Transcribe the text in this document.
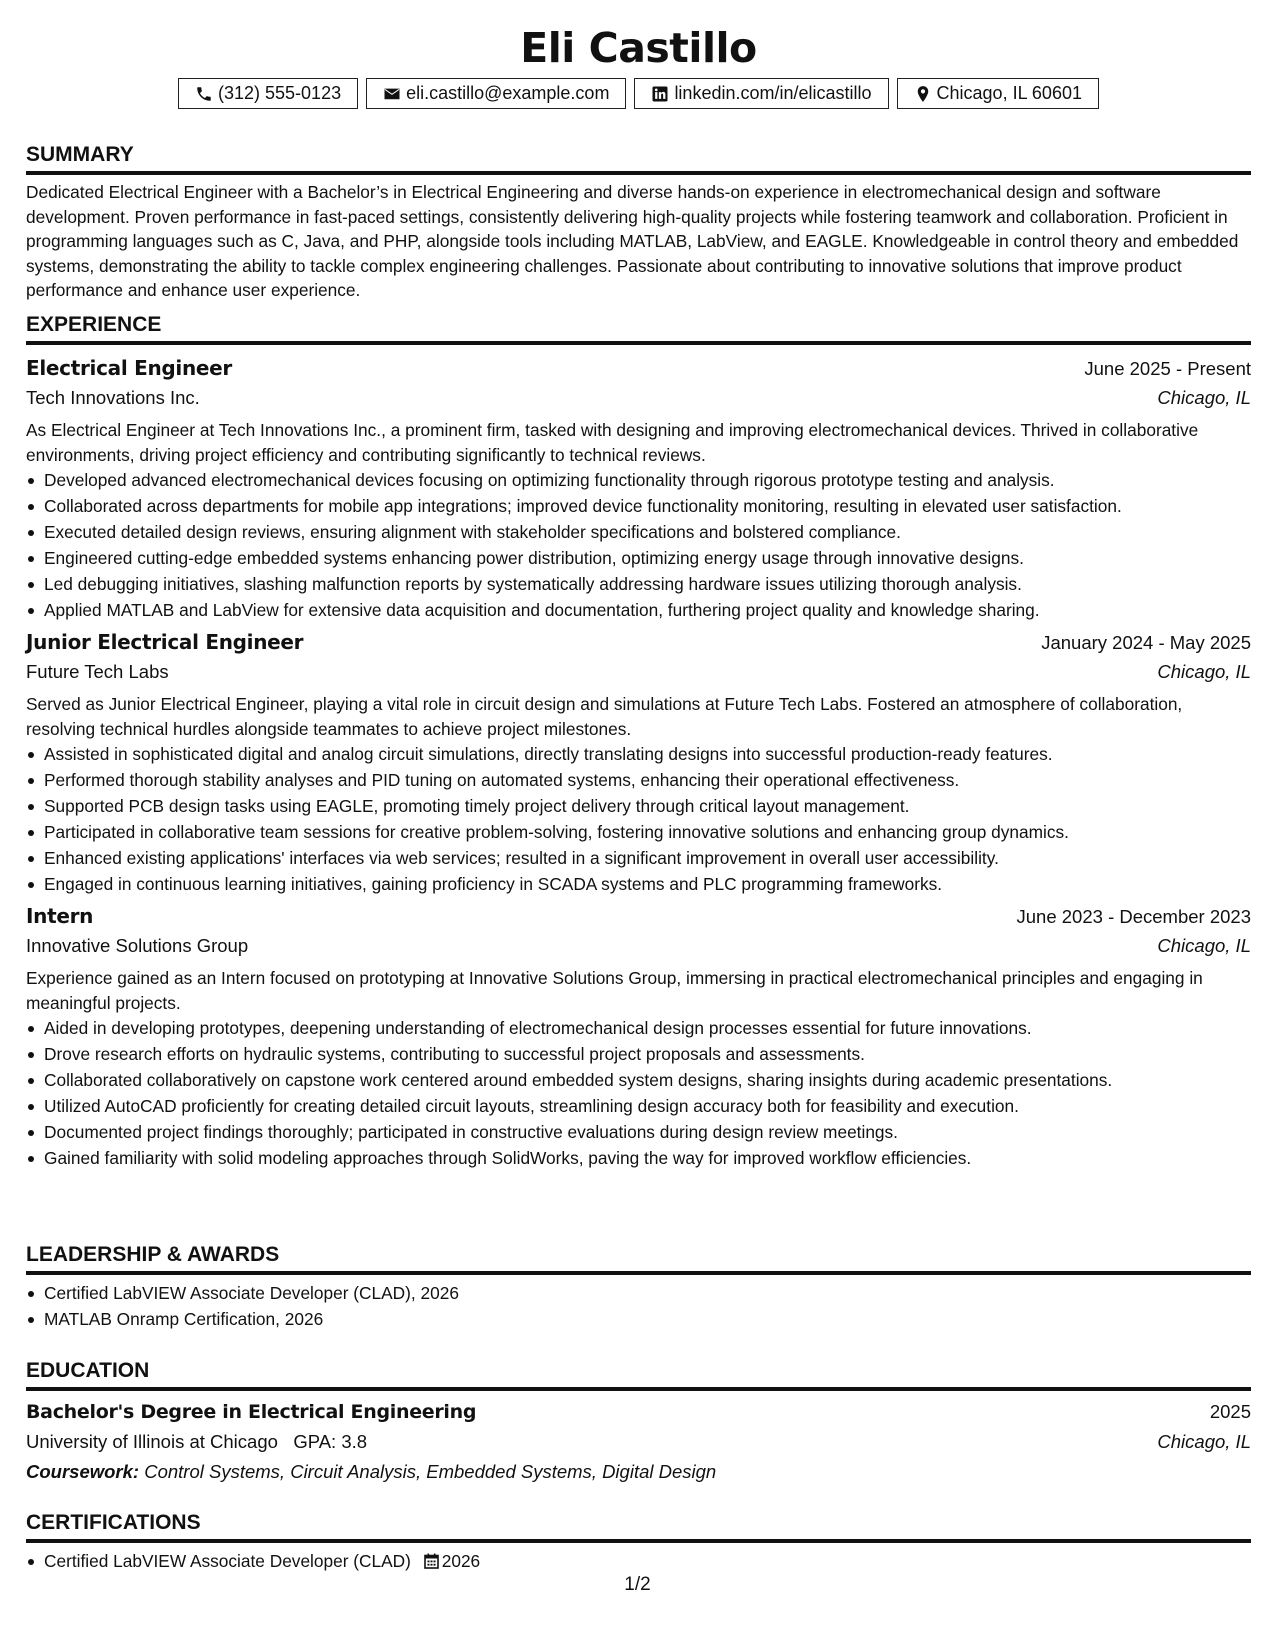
Eli Castillo
(312) 555-0123	eli.castillo@example.com	linkedin.com/in/elicastillo	Chicago, IL 60601
SUMMARY
Dedicated Electrical Engineer with a Bachelor’s in Electrical Engineering and diverse hands-on experience in electromechanical design and software development. Proven performance in fast-paced settings, consistently delivering high-quality projects while fostering teamwork and collaboration. Proficient in programming languages such as C, Java, and PHP, alongside tools including MATLAB, LabView, and EAGLE. Knowledgeable in control theory and embedded systems, demonstrating the ability to tackle complex engineering challenges. Passionate about contributing to innovative solutions that improve product performance and enhance user experience.
EXPERIENCE
Electrical Engineer	June 2025 - Present
Tech Innovations Inc.	Chicago, IL
As Electrical Engineer at Tech Innovations Inc., a prominent firm, tasked with designing and improving electromechanical devices. Thrived in collaborative environments, driving project efficiency and contributing significantly to technical reviews.
Developed advanced electromechanical devices focusing on optimizing functionality through rigorous prototype testing and analysis.
Collaborated across departments for mobile app integrations; improved device functionality monitoring, resulting in elevated user satisfaction.
Executed detailed design reviews, ensuring alignment with stakeholder specifications and bolstered compliance.
Engineered cutting-edge embedded systems enhancing power distribution, optimizing energy usage through innovative designs.
Led debugging initiatives, slashing malfunction reports by systematically addressing hardware issues utilizing thorough analysis.
Applied MATLAB and LabView for extensive data acquisition and documentation, furthering project quality and knowledge sharing.
Junior Electrical Engineer	January 2024 - May 2025
Future Tech Labs	Chicago, IL
Served as Junior Electrical Engineer, playing a vital role in circuit design and simulations at Future Tech Labs. Fostered an atmosphere of collaboration, resolving technical hurdles alongside teammates to achieve project milestones.
Assisted in sophisticated digital and analog circuit simulations, directly translating designs into successful production-ready features.
Performed thorough stability analyses and PID tuning on automated systems, enhancing their operational effectiveness.
Supported PCB design tasks using EAGLE, promoting timely project delivery through critical layout management.
Participated in collaborative team sessions for creative problem-solving, fostering innovative solutions and enhancing group dynamics.
Enhanced existing applications' interfaces via web services; resulted in a significant improvement in overall user accessibility.
Engaged in continuous learning initiatives, gaining proficiency in SCADA systems and PLC programming frameworks.
Intern	June 2023 - December 2023
Innovative Solutions Group	Chicago, IL
Experience gained as an Intern focused on prototyping at Innovative Solutions Group, immersing in practical electromechanical principles and engaging in meaningful projects.
Aided in developing prototypes, deepening understanding of electromechanical design processes essential for future innovations.
Drove research efforts on hydraulic systems, contributing to successful project proposals and assessments.
Collaborated collaboratively on capstone work centered around embedded system designs, sharing insights during academic presentations.
Utilized AutoCAD proficiently for creating detailed circuit layouts, streamlining design accuracy both for feasibility and execution.
Documented project findings thoroughly; participated in constructive evaluations during design review meetings.
Gained familiarity with solid modeling approaches through SolidWorks, paving the way for improved workflow efficiencies.
LEADERSHIP & AWARDS
Certified LabVIEW Associate Developer (CLAD), 2026
MATLAB Onramp Certification, 2026
EDUCATION
Bachelor's Degree in Electrical Engineering	2025
University of Illinois at Chicago GPA: 3.8	Chicago, IL
Coursework: Control Systems, Circuit Analysis, Embedded Systems, Digital Design
CERTIFICATIONS
Certified LabVIEW Associate Developer (CLAD) 2026
1/2
